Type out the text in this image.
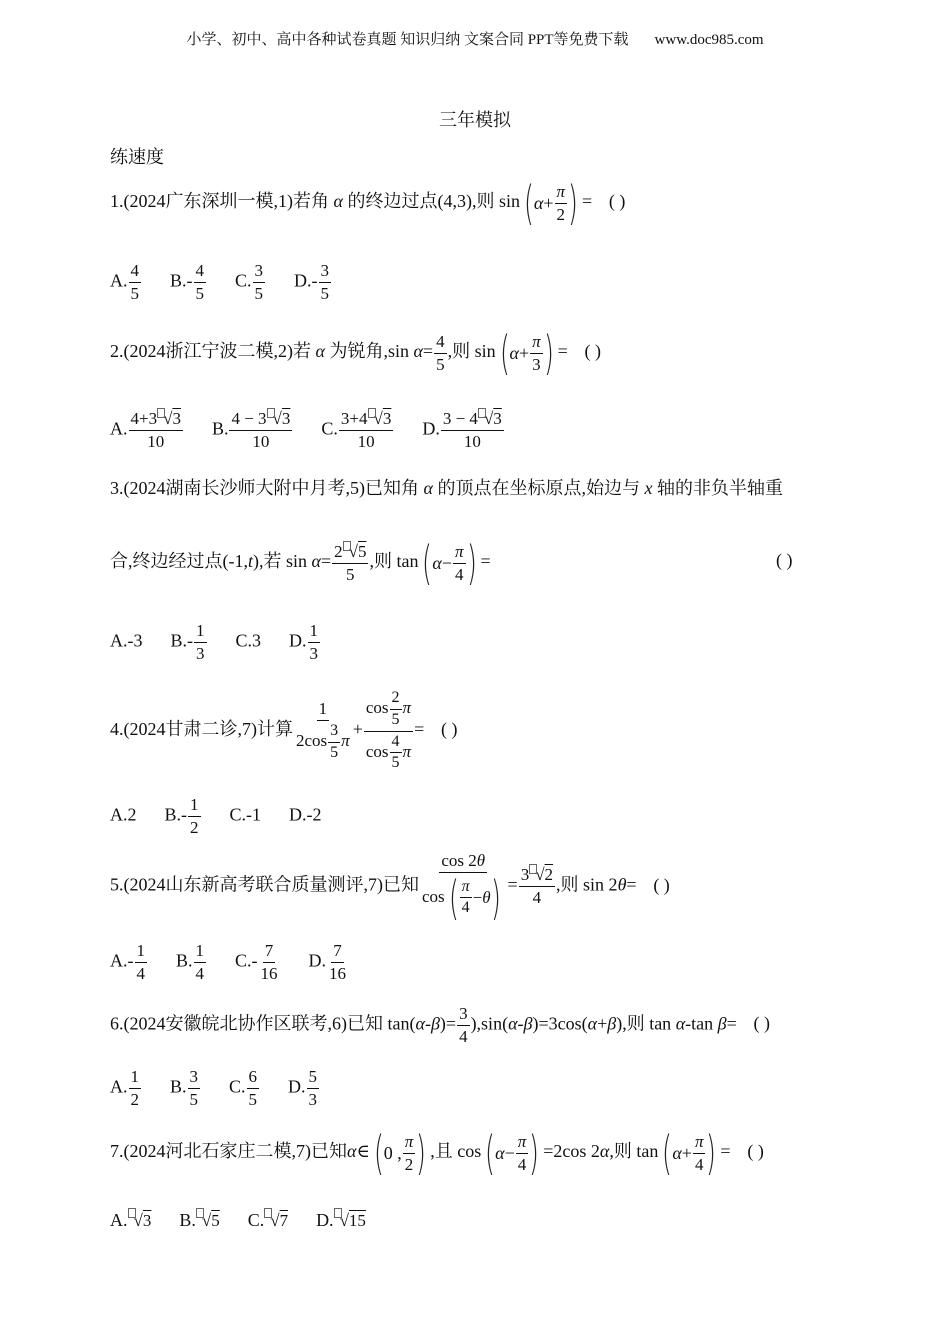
小学、初中、高中各种试卷真题 知识归纳 文案合同 PPT等免费下载 www.doc985.com
三年模拟
练速度
1.(2024广东深圳一模,1)若角 α 的终边过点(4,3),则 sin ( α +
π
2 ) = ( )
A. $\frac{4}{5} B.- \frac{4}{5} C$. $\frac{3}{5} D.- \frac{3}{5}$
2.(2024浙江宁波二模,2)若 α 为锐角,sin $\alpha= \frac{4}{5}$ ,则 sin ( α +
π
3 ) = ( )
A. $\frac{4+3 √3}{10} B$. $\frac{4 - 3 √3}{10} C$. $\frac{3+4 √3}{10} D$. $\frac{3 - 4 √3}{10}$
3.(2024湖南长沙师大附中月考,5)已知角 α 的顶点在坐标原点,始边与 x 轴的非负半轴重
合,终边经过点(-1,t),若 $\sin \alpha= \frac{2 √5}{5}$ ,则 tan ( α −
π
4 ) =	( )
A.-3 $B.- \frac{1}{3} C.3$ D. $\frac{1}{3}$
4.(2024甘肃二诊,7)计算 $\frac{1}{2\cos \frac{3}{5} \pi} + \frac{\cos \frac{2}{5} \pi}{\cos \frac{4}{5} \pi}$ = ( )
A.2 $B.- \frac{1}{2} C.-1$ D.-2
5.(2024山东新高考联合质量测评,7)已知 cos 2θ
cos ( π
4
− θ ) = $\frac{3 √2}{4}$ ,则 sin 2θ= ( )
$A.- \frac{1}{4} B$. $\frac{1}{4} C.- \frac{7}{16} D$. $\frac{7}{16}$
6.(2024安徽皖北协作区联考,6)已知 $\tan(\alpha-\beta)= \frac{3}{4} ),\sin(\alpha-\beta)=3\cos(\alpha+\beta)$,则 tan α-tan β= ( )
A. $\frac{1}{2} B$. $\frac{3}{5} C$. $\frac{6}{5} D$. $\frac{5}{3}$
7.(2024河北石家庄二模,7)已知α∈ ( 0 ,
π
2 ) ,且 cos ( α −
π
4 ) =2cos 2α,则 tan ( α +
π
4 ) = ( )
A. √3 B. √5 C. √7 D. √15
